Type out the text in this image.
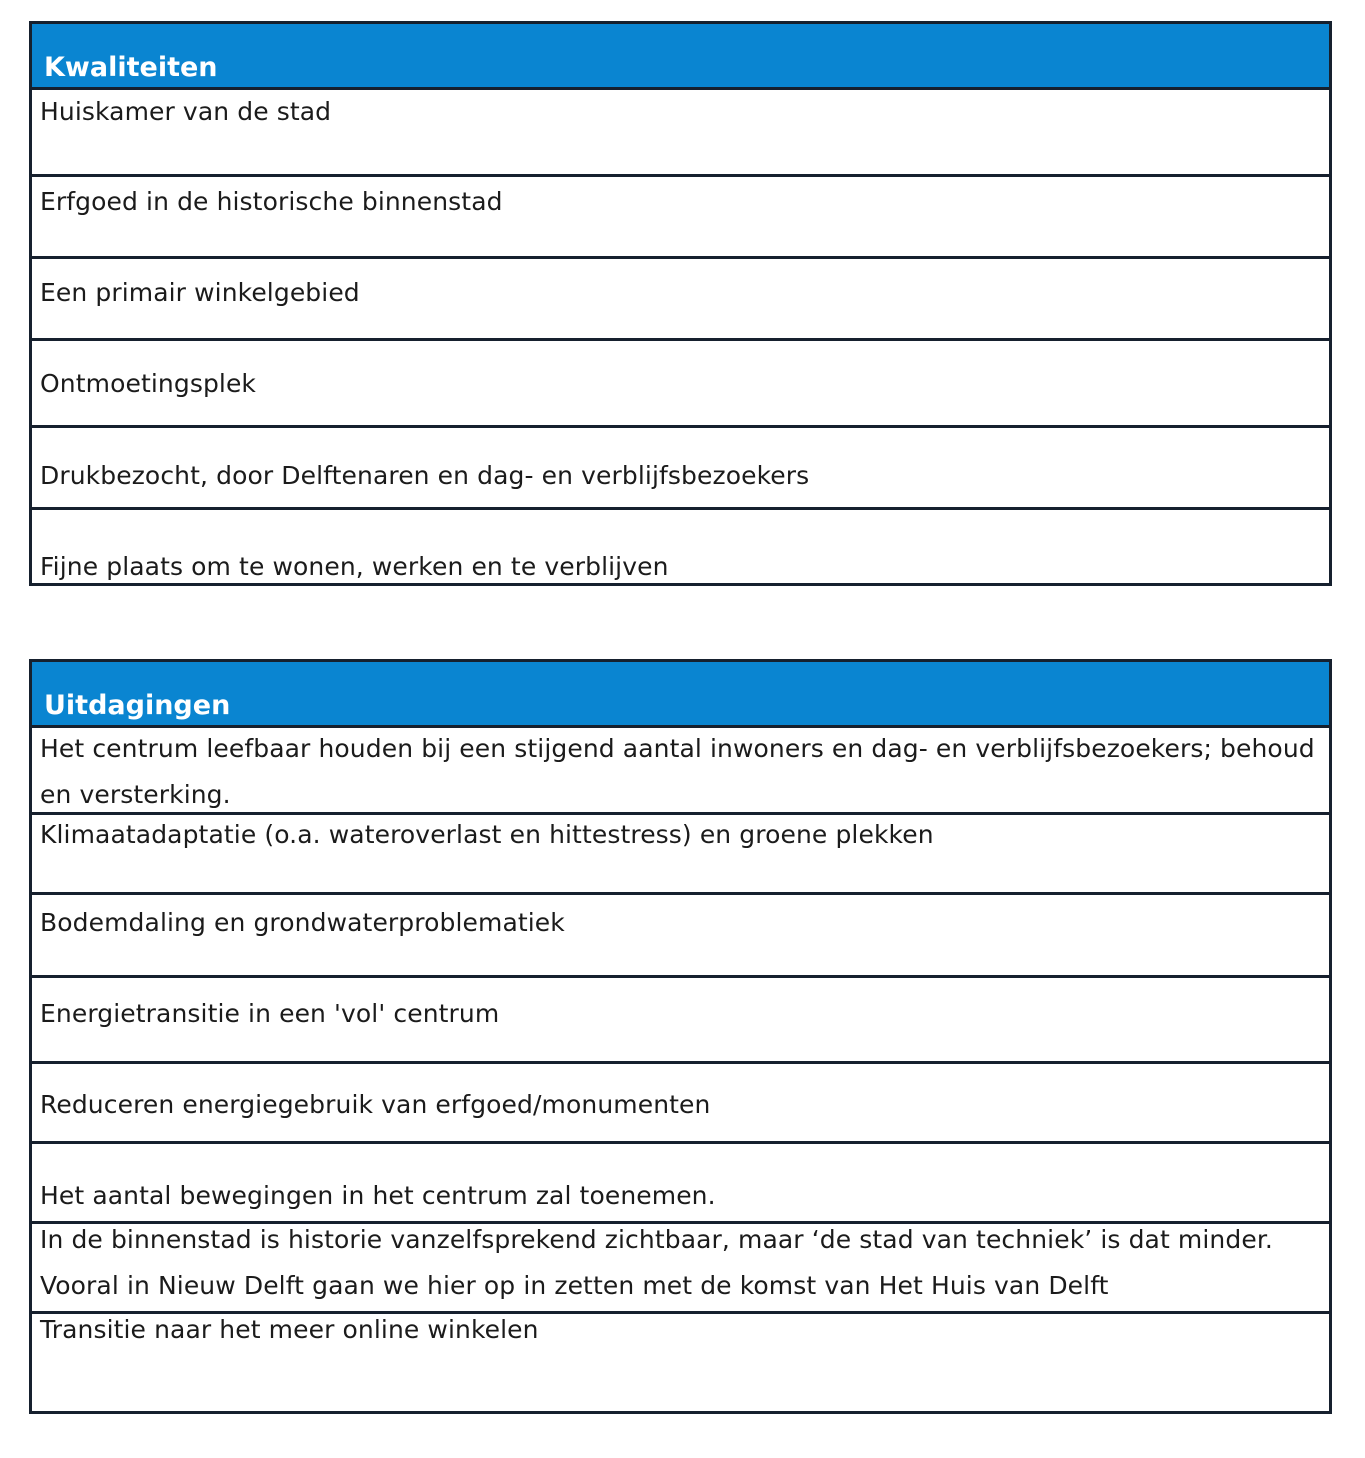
Kwaliteiten
Huiskamer van de stad
Erfgoed in de historische binnenstad
Een primair winkelgebied
Ontmoetingsplek
Drukbezocht, door Delftenaren en dag- en verblijfsbezoekers
Fijne plaats om te wonen, werken en te verblijven
Uitdagingen
Het centrum leefbaar houden bij een stijgend aantal inwoners en dag- en verblijfsbezoekers; behoud en versterking.
Klimaatadaptatie (o.a. wateroverlast en hittestress) en groene plekken
Bodemdaling en grondwaterproblematiek
Energietransitie in een 'vol' centrum
Reduceren energiegebruik van erfgoed/monumenten
Het aantal bewegingen in het centrum zal toenemen.
In de binnenstad is historie vanzelfsprekend zichtbaar, maar ‘de stad van techniek’ is dat minder. Vooral in Nieuw Delft gaan we hier op in zetten met de komst van Het Huis van Delft
Transitie naar het meer online winkelen
